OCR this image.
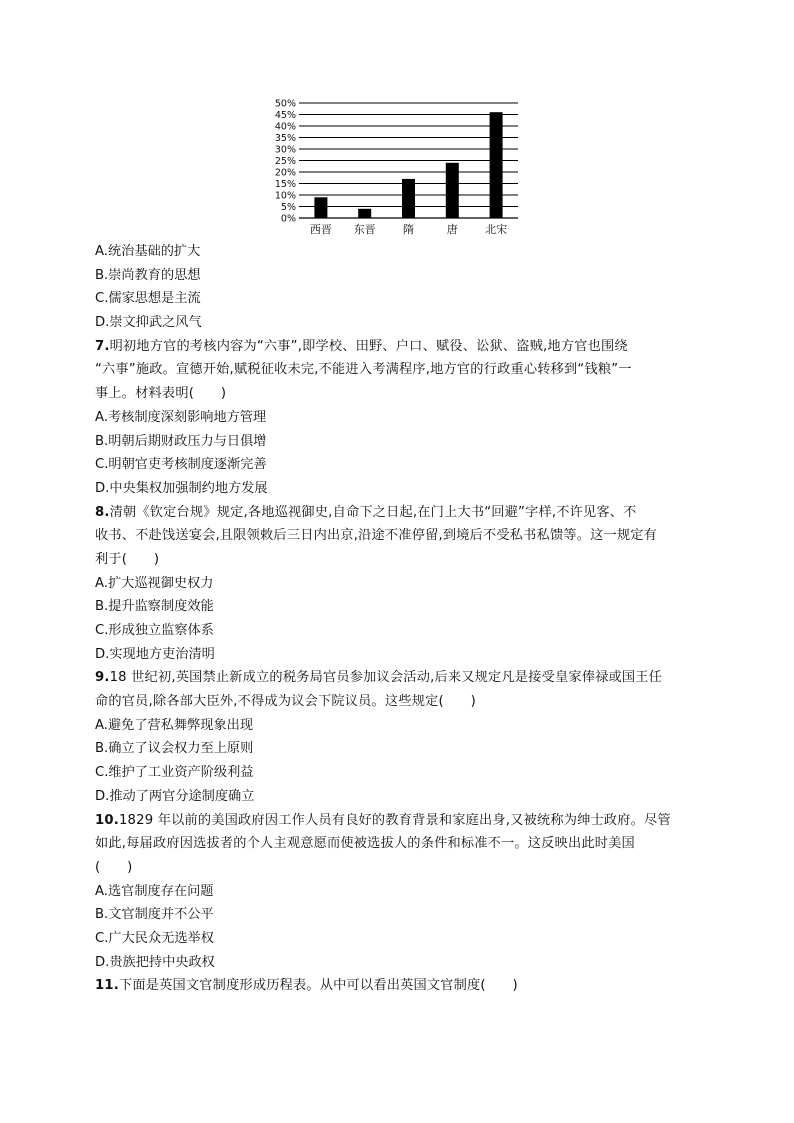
0%
5%
10%
15%
20%
25%
30%
35%
40%
45%
50%
西晋 东晋 隋	唐 北宋

A.统治基础的扩大

B.崇尚教育的思想

C.儒家思想是主流

D.崇文抑武之风气

7.明初地方官的考核内容为“六事”,即学校、田野、户口、赋役、讼狱、盗贼,地方官也围绕

“六事”施政。宣德开始,赋税征收未完,不能进入考满程序,地方官的行政重心转移到“钱粮”一

事上。材料表明(　　)

A.考核制度深刻影响地方管理

B.明朝后期财政压力与日俱增

C.明朝官吏考核制度逐渐完善

D.中央集权加强制约地方发展

8.清朝《钦定台规》规定,各地巡视御史,自命下之日起,在门上大书“回避”字样,不许见客、不

收书、不赴饯送宴会,且限领敕后三日内出京,沿途不准停留,到境后不受私书私馈等。这一规定有

利于(　　)

A.扩大巡视御史权力

B.提升监察制度效能

C.形成独立监察体系

D.实现地方吏治清明

9.18 世纪初,英国禁止新成立的税务局官员参加议会活动,后来又规定凡是接受皇家俸禄或国王任

命的官员,除各部大臣外,不得成为议会下院议员。这些规定(　　)

A.避免了营私舞弊现象出现

B.确立了议会权力至上原则

C.维护了工业资产阶级利益

D.推动了两官分途制度确立

10.1829 年以前的美国政府因工作人员有良好的教育背景和家庭出身,又被统称为绅士政府。尽管

如此,每届政府因选拔者的个人主观意愿而使被选拔人的条件和标准不一。这反映出此时美国

(　　)

A.选官制度存在问题

B.文官制度并不公平

C.广大民众无选举权

D.贵族把持中央政权

11.下面是英国文官制度形成历程表。从中可以看出英国文官制度(　　)
